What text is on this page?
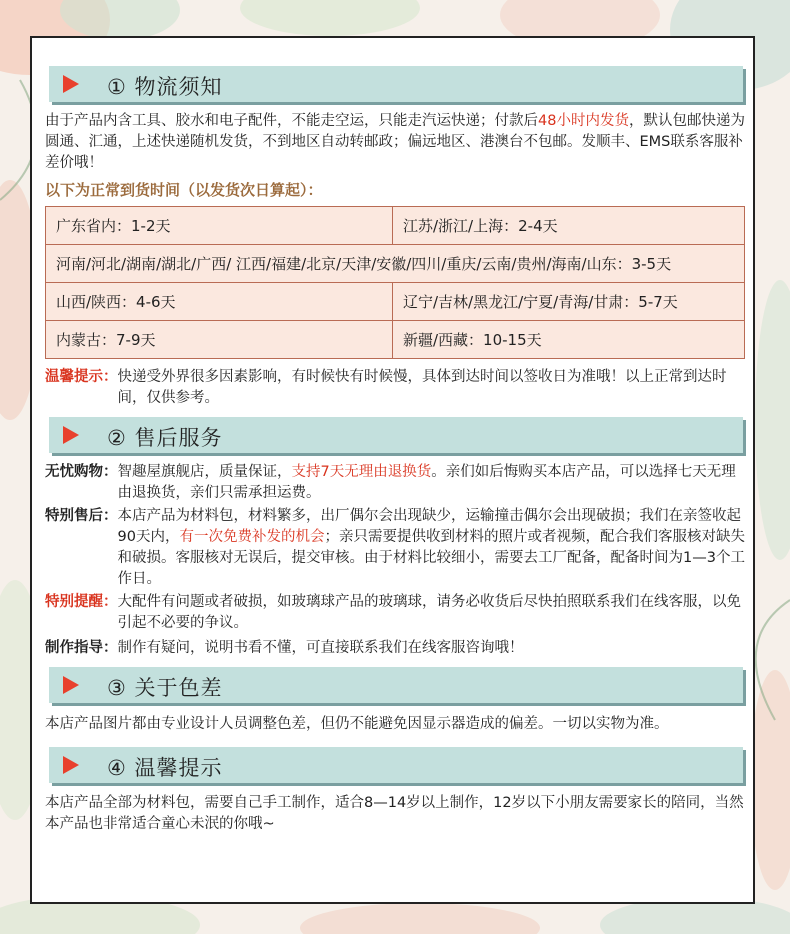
① 物流须知
由于产品内含工具、胶水和电子配件，不能走空运，只能走汽运快递；付款后48小时内发货，默认包邮快递为圆通、汇通，上述快递随机发货，不到地区自动转邮政；偏远地区、港澳台不包邮。发顺丰、EMS联系客服补差价哦！
以下为正常到货时间（以发货次日算起）：
广东省内：1-2天	江苏/浙江/上海：2-4天
河南/河北/湖南/湖北/广西/ 江西/福建/北京/天津/安徽/四川/重庆/云南/贵州/海南/山东：3-5天	
山西/陕西：4-6天	辽宁/吉林/黑龙江/宁夏/青海/甘肃：5-7天
内蒙古：7-9天	新疆/西藏：10-15天
温馨提示： 快递受外界很多因素影响，有时候快有时候慢，具体到达时间以签收日为准哦！以上正常到达时间，仅供参考。
② 售后服务
无忧购物： 智趣屋旗舰店，质量保证，支持7天无理由退换货。亲们如后悔购买本店产品，可以选择七天无理由退换货，亲们只需承担运费。
特别售后： 本店产品为材料包，材料繁多，出厂偶尔会出现缺少，运输撞击偶尔会出现破损；我们在亲签收起90天内，有一次免费补发的机会；亲只需要提供收到材料的照片或者视频，配合我们客服核对缺失和破损。客服核对无误后，提交审核。由于材料比较细小，需要去工厂配备，配备时间为1—3个工作日。
特别提醒： 大配件有问题或者破损，如玻璃球产品的玻璃球，请务必收货后尽快拍照联系我们在线客服，以免引起不必要的争议。
制作指导： 制作有疑问，说明书看不懂，可直接联系我们在线客服咨询哦！
③ 关于色差
本店产品图片都由专业设计人员调整色差，但仍不能避免因显示器造成的偏差。一切以实物为准。
④ 温馨提示
本店产品全部为材料包，需要自己手工制作，适合8—14岁以上制作，12岁以下小朋友需要家长的陪同，当然本产品也非常适合童心未泯的你哦~
